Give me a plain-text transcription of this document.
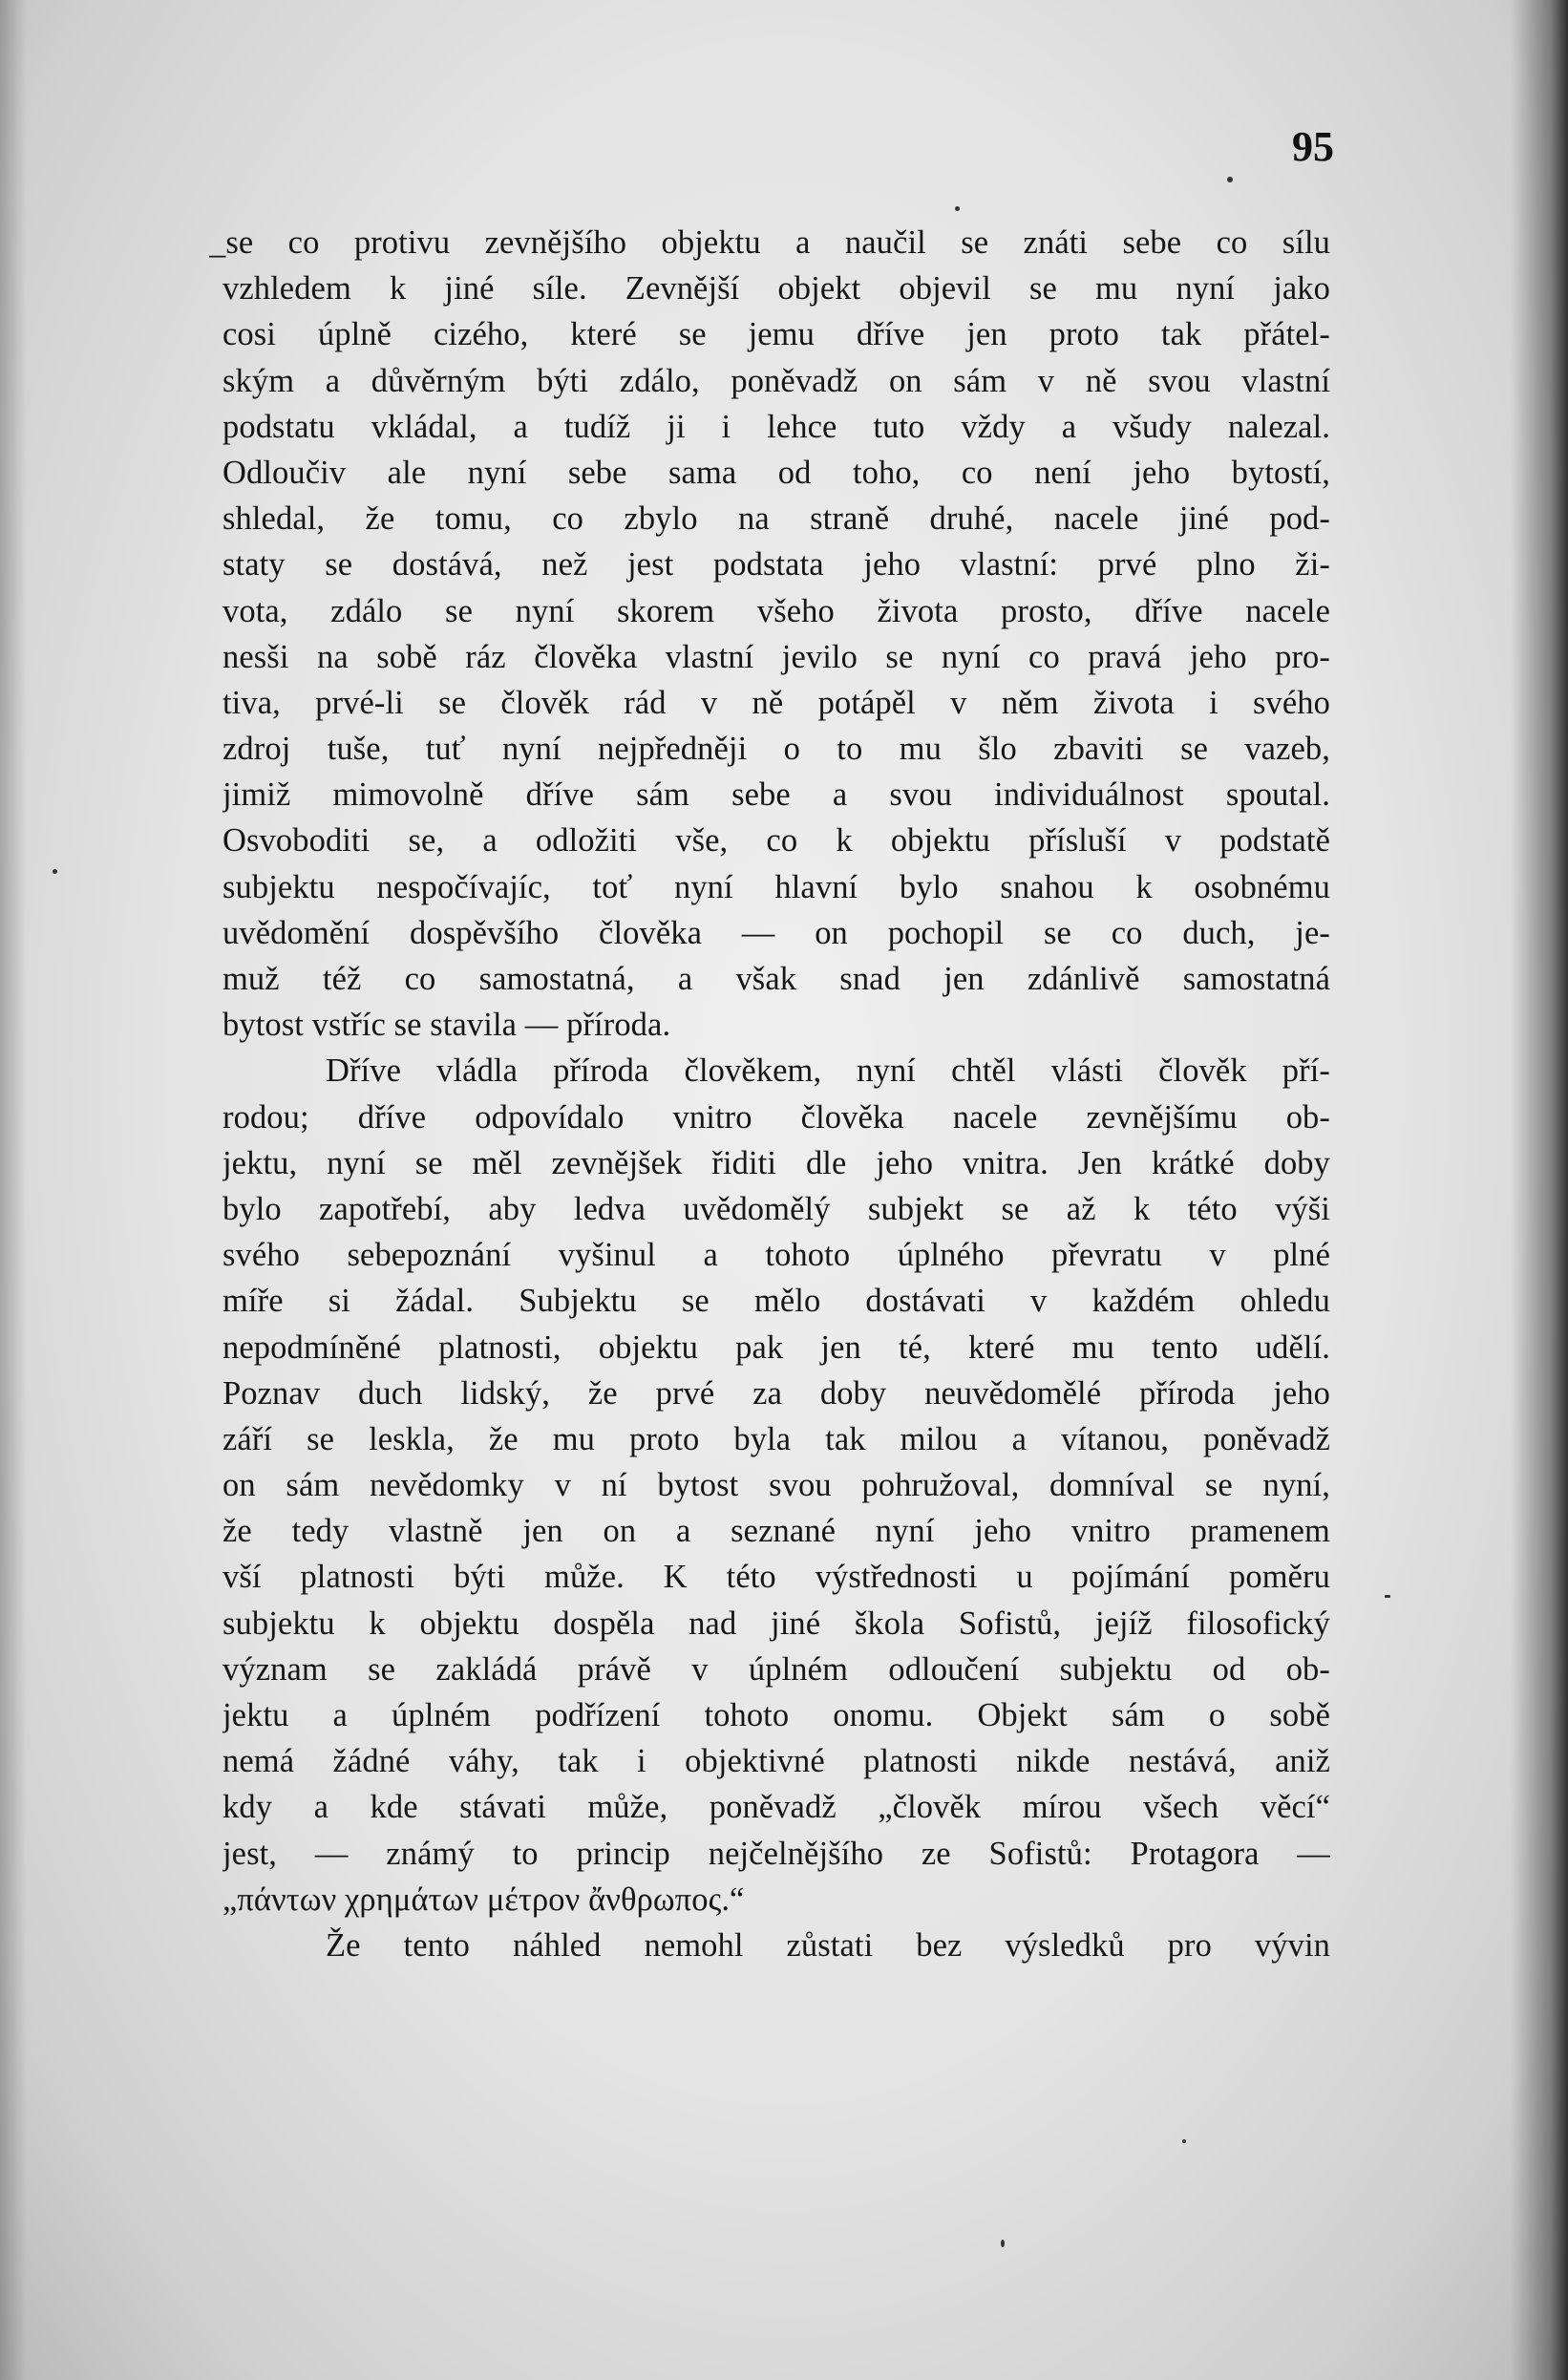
95
_se co protivu zevnějšího objektu a naučil se znáti sebe co sílu
vzhledem k jiné síle. Zevnější objekt objevil se mu nyní jako
cosi úplně cizého, které se jemu dříve jen proto tak přátel-
ským a důvěrným býti zdálo, poněvadž on sám v ně svou vlastní
podstatu vkládal, a tudíž ji i lehce tuto vždy a všudy nalezal.
Odloučiv ale nyní sebe sama od toho, co není jeho bytostí,
shledal, že tomu, co zbylo na straně druhé, nacele jiné pod-
staty se dostává, než jest podstata jeho vlastní: prvé plno ži-
vota, zdálo se nyní skorem všeho života prosto, dříve nacele
nesši na sobě ráz člověka vlastní jevilo se nyní co pravá jeho pro-
tiva, prvé-li se člověk rád v ně potápěl v něm života i svého
zdroj tuše, tuť nyní nejpředněji o to mu šlo zbaviti se vazeb,
jimiž mimovolně dříve sám sebe a svou individuálnost spoutal.
Osvoboditi se, a odložiti vše, co k objektu přísluší v podstatě
subjektu nespočívajíc, toť nyní hlavní bylo snahou k osobnému
uvědomění dospěvšího člověka — on pochopil se co duch, je-
muž též co samostatná, a však snad jen zdánlivě samostatná
bytost vstříc se stavila — příroda.
Dříve vládla příroda člověkem, nyní chtěl vlásti člověk pří-
rodou; dříve odpovídalo vnitro člověka nacele zevnějšímu ob-
jektu, nyní se měl zevnějšek řiditi dle jeho vnitra. Jen krátké doby
bylo zapotřebí, aby ledva uvědomělý subjekt se až k této výši
svého sebepoznání vyšinul a tohoto úplného převratu v plné
míře si žádal. Subjektu se mělo dostávati v každém ohledu
nepodmíněné platnosti, objektu pak jen té, které mu tento udělí.
Poznav duch lidský, že prvé za doby neuvědomělé příroda jeho
září se leskla, že mu proto byla tak milou a vítanou, poněvadž
on sám nevědomky v ní bytost svou pohružoval, domníval se nyní,
že tedy vlastně jen on a seznané nyní jeho vnitro pramenem
vší platnosti býti může. K této výstřednosti u pojímání poměru
subjektu k objektu dospěla nad jiné škola Sofistů, jejíž filosofický
význam se zakládá právě v úplném odloučení subjektu od ob-
jektu a úplném podřízení tohoto onomu. Objekt sám o sobě
nemá žádné váhy, tak i objektivné platnosti nikde nestává, aniž
kdy a kde stávati může, poněvadž „člověk mírou všech věcí“
jest, — známý to princip nejčelnějšího ze Sofistů: Protagora —
„πάντων χρημάτων μέτρον ἄνθρωπος.“
Že tento náhled nemohl zůstati bez výsledků pro vývin
